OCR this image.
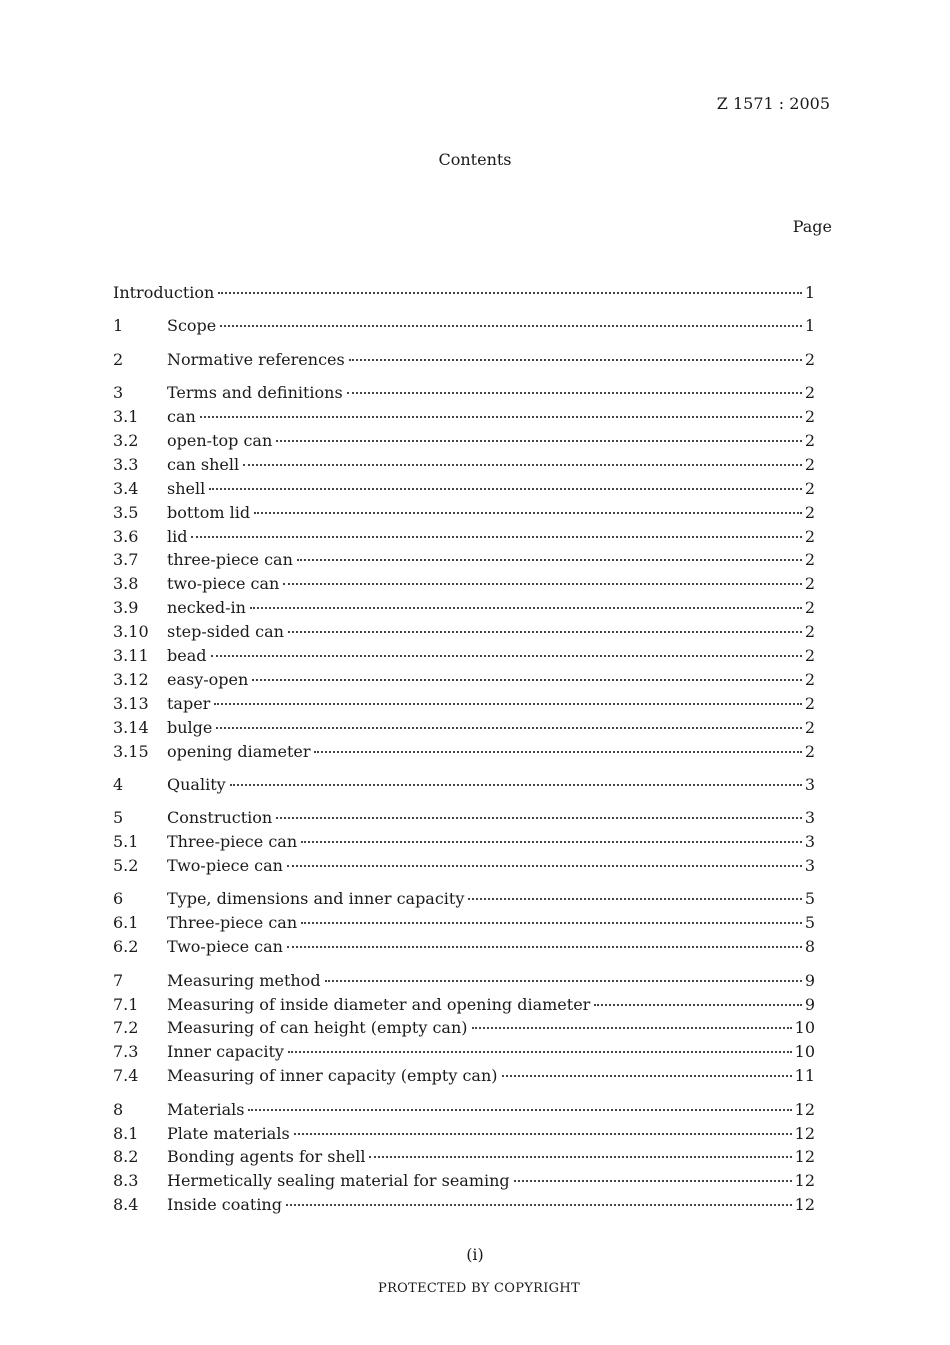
Z 1571 : 2005
Contents
Page
Introduction	1
1	Scope	1
2	Normative references	2
3	Terms and definitions	2
3.1	can	2
3.2	open-top can	2
3.3	can shell	2
3.4	shell	2
3.5	bottom lid	2
3.6	lid	2
3.7	three-piece can	2
3.8	two-piece can	2
3.9	necked-in	2
3.10	step-sided can	2
3.11	bead	2
3.12	easy-open	2
3.13	taper	2
3.14	bulge	2
3.15	opening diameter	2
4	Quality	3
5	Construction	3
5.1	Three-piece can	3
5.2	Two-piece can	3
6	Type, dimensions and inner capacity	5
6.1	Three-piece can	5
6.2	Two-piece can	8
7	Measuring method	9
7.1	Measuring of inside diameter and opening diameter	9
7.2	Measuring of can height (empty can)	10
7.3	Inner capacity	10
7.4	Measuring of inner capacity (empty can)	11
8	Materials	12
8.1	Plate materials	12
8.2	Bonding agents for shell	12
8.3	Hermetically sealing material for seaming	12
8.4	Inside coating	12
(i)
PROTECTED BY COPYRIGHT
